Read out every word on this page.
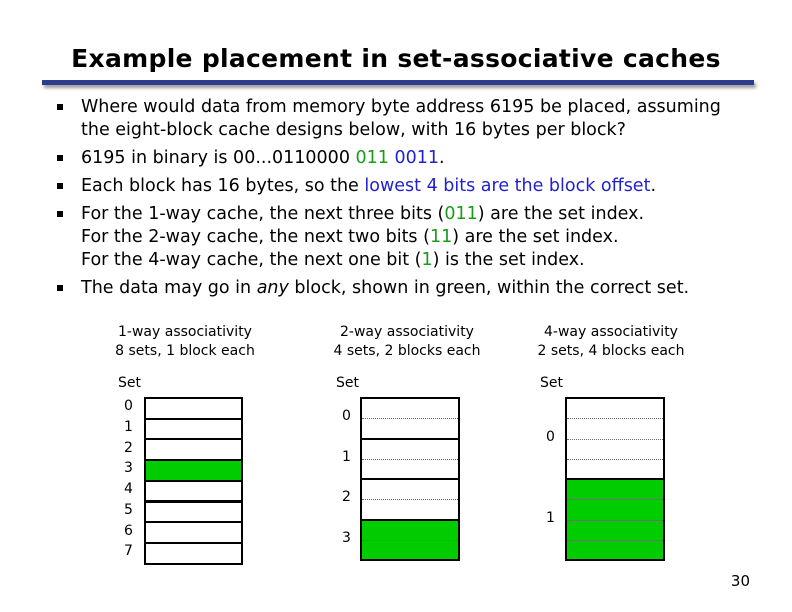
Example placement in set-associative caches
Where would data from memory byte address 6195 be placed, assuming
the eight-block cache designs below, with 16 bytes per block?
6195 in binary is 00...0110000 011 0011.
Each block has 16 bytes, so the lowest 4 bits are the block offset.
For the 1-way cache, the next three bits (011) are the set index.
For the 2-way cache, the next two bits (11) are the set index.
For the 4-way cache, the next one bit (1) is the set index.
The data may go in any block, shown in green, within the correct set.
1-way associativity
8 sets, 1 block each
Set
0
1
2
3
4
5
6
7
2-way associativity
4 sets, 2 blocks each
Set
0
1
2
3
4-way associativity
2 sets, 4 blocks each
Set
0
1
30
